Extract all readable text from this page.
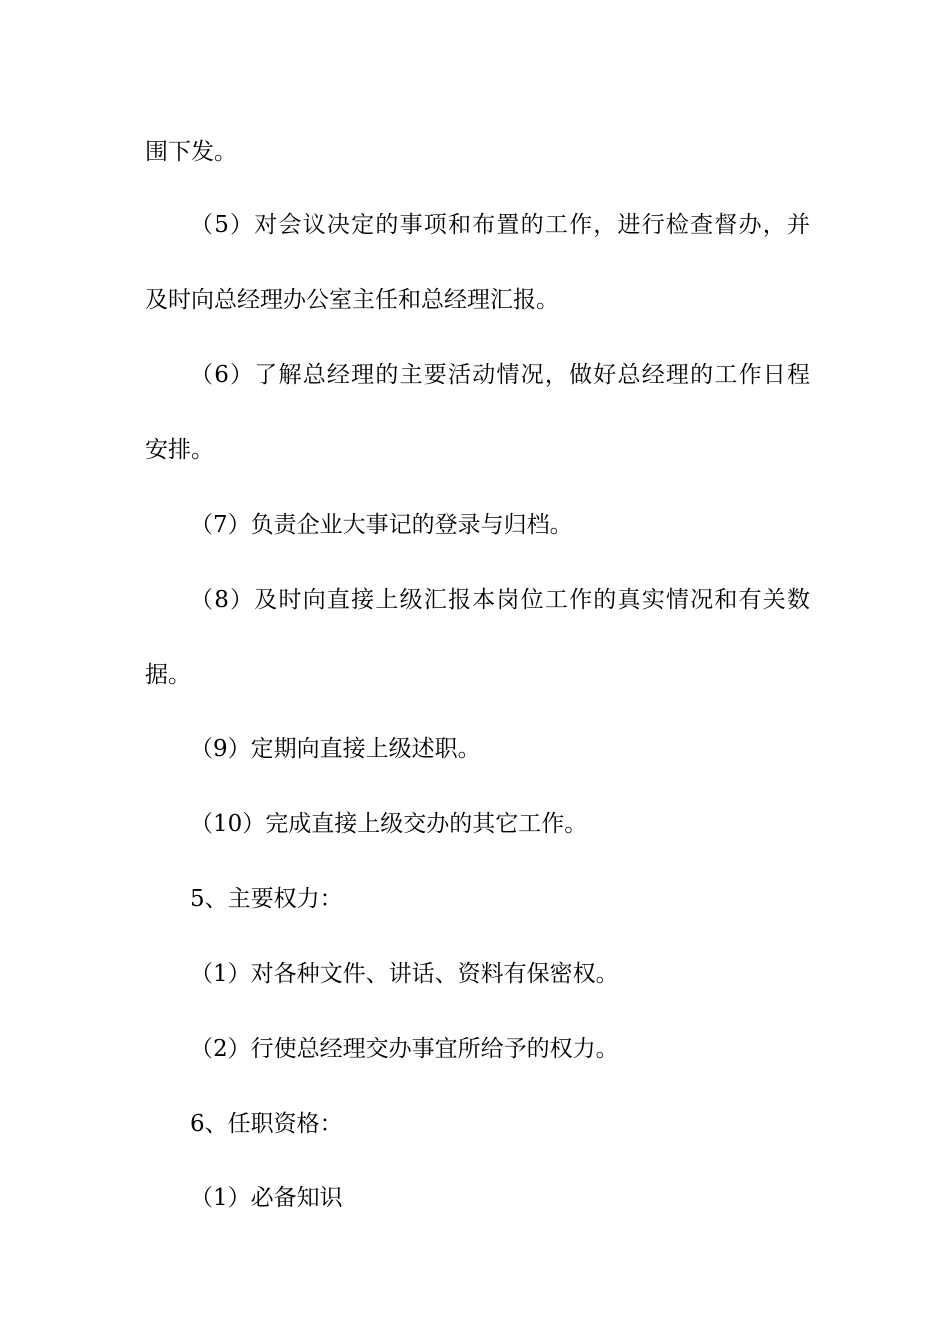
围下发。
（5）对会议决定的事项和布置的工作，进行检查督办，并
及时向总经理办公室主任和总经理汇报。
（6）了解总经理的主要活动情况，做好总经理的工作日程
安排。
（7）负责企业大事记的登录与归档。
（8）及时向直接上级汇报本岗位工作的真实情况和有关数
据。
（9）定期向直接上级述职。
（10）完成直接上级交办的其它工作。
5、主要权力：
（1）对各种文件、讲话、资料有保密权。
（2）行使总经理交办事宜所给予的权力。
6、任职资格：
（1）必备知识
